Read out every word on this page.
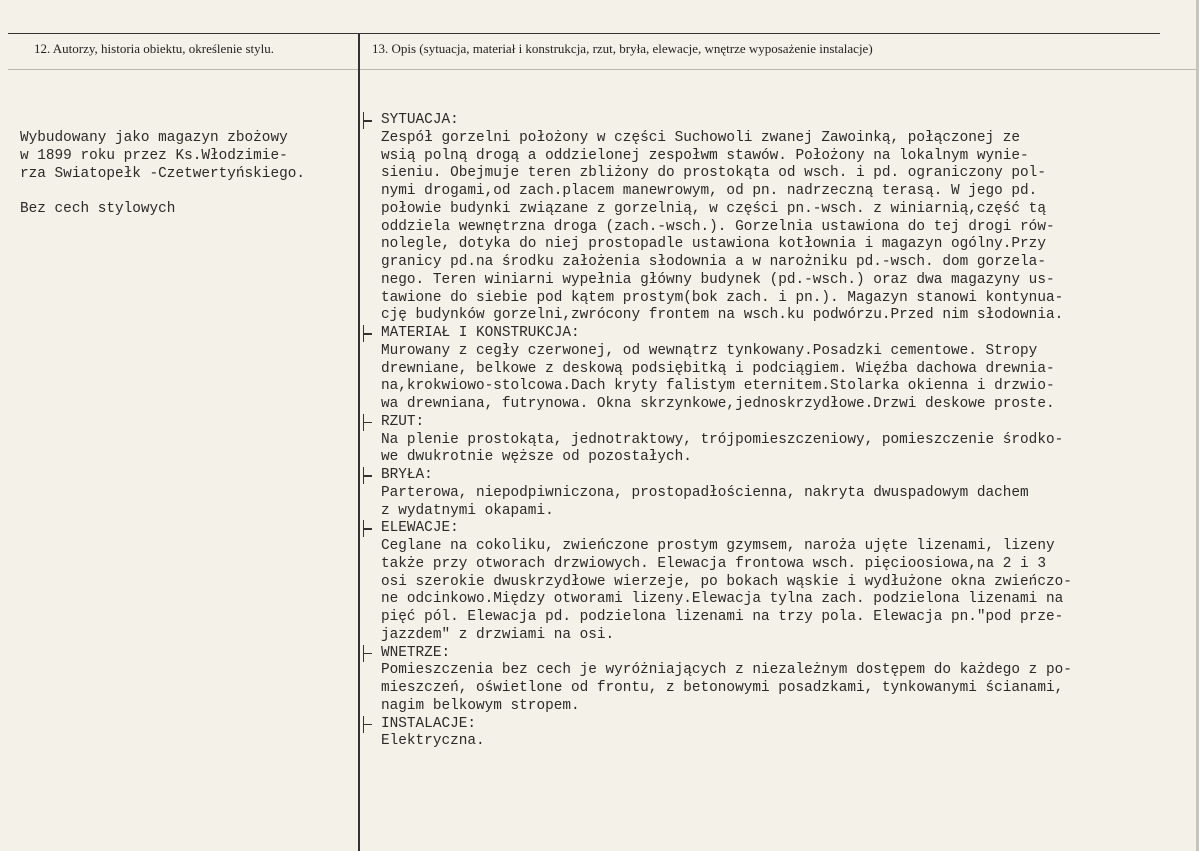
12. Autorzy, historia obiektu, określenie stylu.	13. Opis (sytuacja, materiał i konstrukcja, rzut, bryła, elewacje, wnętrze wyposażenie instalacje)
Wybudowany jako magazyn zbożowy
w 1899 roku przez Ks.Włodzimie-
rza Swiatopełk -Czetwertyńskiego.
Bez cech stylowych
SYTUACJA:
Zespół gorzelni położony w części Suchowoli zwanej Zawoinką, połączonej ze
wsią polną drogą a oddzielonej zespołwm stawów. Położony na lokalnym wynie-
sieniu. Obejmuje teren zbliżony do prostokąta od wsch. i pd. ograniczony pol-
nymi drogami,od zach.placem manewrowym, od pn. nadrzeczną terasą. W jego pd.
połowie budynki związane z gorzelnią, w części pn.-wsch. z winiarnią,część tą
oddziela wewnętrzna droga (zach.-wsch.). Gorzelnia ustawiona do tej drogi rów-
nolegle, dotyka do niej prostopadle ustawiona kotłownia i magazyn ogólny.Przy
granicy pd.na środku założenia słodownia a w narożniku pd.-wsch. dom gorzela-
nego. Teren winiarni wypełnia główny budynek (pd.-wsch.) oraz dwa magazyny us-
tawione do siebie pod kątem prostym(bok zach. i pn.). Magazyn stanowi kontynua-
cję budynków gorzelni,zwrócony frontem na wsch.ku podwórzu.Przed nim słodownia.
MATERIAŁ I KONSTRUKCJA:
Murowany z cegły czerwonej, od wewnątrz tynkowany.Posadzki cementowe. Stropy
drewniane, belkowe z deskową podsiębitką i podciągiem. Więźba dachowa drewnia-
na,krokwiowo-stolcowa.Dach kryty falistym eternitem.Stolarka okienna i drzwio-
wa drewniana, futrynowa. Okna skrzynkowe,jednoskrzydłowe.Drzwi deskowe proste.
RZUT:
Na plenie prostokąta, jednotraktowy, trójpomieszczeniowy, pomieszczenie środko-
we dwukrotnie węższe od pozostałych.
BRYŁA:
Parterowa, niepodpiwniczona, prostopadłościenna, nakryta dwuspadowym dachem
z wydatnymi okapami.
ELEWACJE:
Ceglane na cokoliku, zwieńczone prostym gzymsem, naroża ujęte lizenami, lizeny
także przy otworach drzwiowych. Elewacja frontowa wsch. pięcioosiowa,na 2 i 3
osi szerokie dwuskrzydłowe wierzeje, po bokach wąskie i wydłużone okna zwieńczo-
ne odcinkowo.Między otworami lizeny.Elewacja tylna zach. podzielona lizenami na
pięć pól. Elewacja pd. podzielona lizenami na trzy pola. Elewacja pn."pod prze-
jazzdem" z drzwiami na osi.
WNETRZE:
Pomieszczenia bez cech je wyróżniających z niezależnym dostępem do każdego z po-
mieszczeń, oświetlone od frontu, z betonowymi posadzkami, tynkowanymi ścianami,
nagim belkowym stropem.
INSTALACJE:
Elektryczna.
